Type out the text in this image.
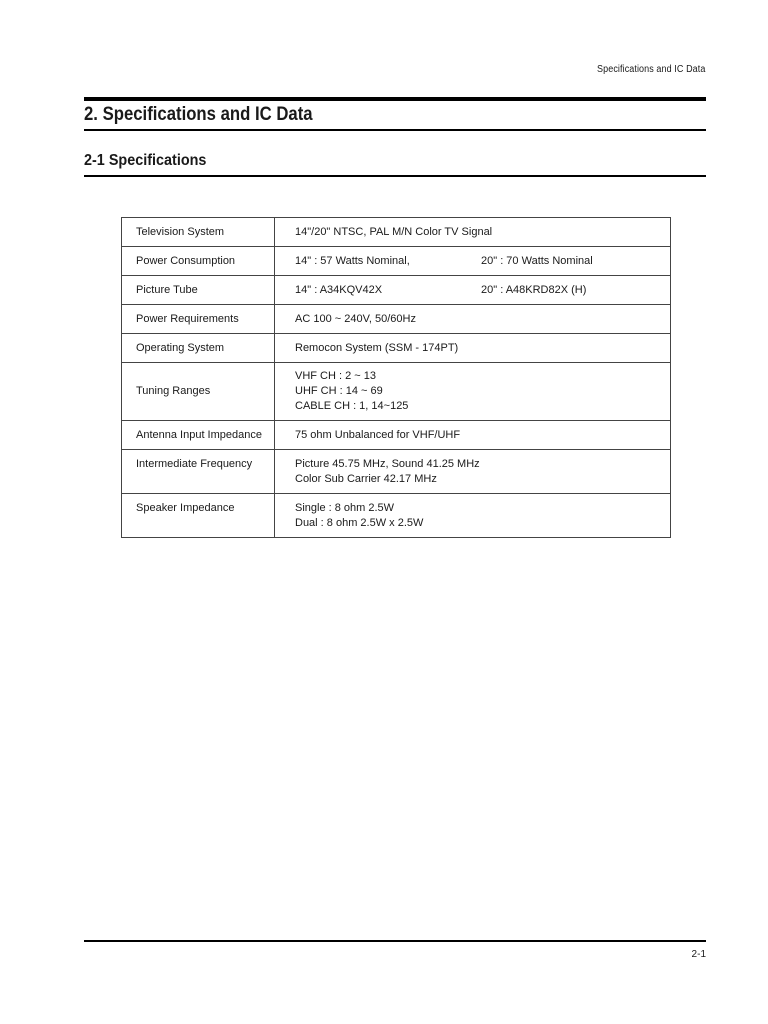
Specifications and IC Data
2. Specifications and IC Data
2-1 Specifications
Television System	14"/20" NTSC, PAL M/N Color TV Signal
Power Consumption	14" : 57 Watts Nominal, 20" : 70 Watts Nominal

Picture Tube	14" : A34KQV42X 20" : A48KRD82X (H)

Power Requirements	AC 100 ~ 240V, 50/60Hz
Operating System	Remocon System (SSM - 174PT)
Tuning Ranges	VHF CH : 2 ~ 13
UHF CH : 14 ~ 69
CABLE CH : 1, 14~125

Antenna Input Impedance	75 ohm Unbalanced for VHF/UHF
Intermediate Frequency	Picture 45.75 MHz, Sound 41.25 MHz
Color Sub Carrier 42.17 MHz

Speaker Impedance	Single : 8 ohm 2.5W
Dual : 8 ohm 2.5W x 2.5W
2-1
